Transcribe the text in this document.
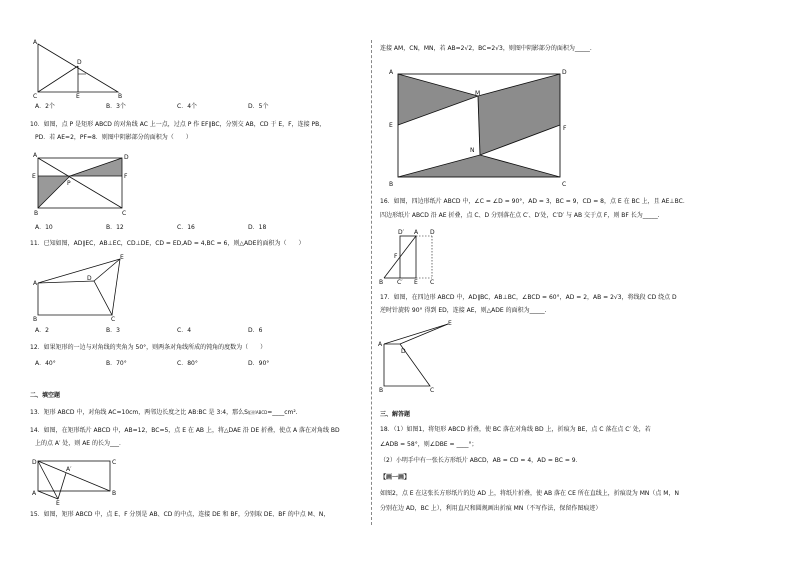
A
D
C	E	B
A．2个	B．3个	C．4个	D．5个
10．如图，点 P 是矩形 ABCD 的对角线 AC 上一点，过点 P 作 EF∥BC，分别交 AB，CD 于 E，F，连接 PB，
PD．若 AE=2，PF=8．则图中阴影部分的面积为（　　）
A	D
E
P
F
B	C
A．10	B．12	C．16	D．18
11．已知如图，AD∥EC，AB⊥EC，CD⊥DE，CD = ED,AD = 4,BC = 6，则△ADE的面积为（　　）
E
D
A
B	C
A．2	B．3	C．4	D．6
12．如果矩形的一边与对角线的夹角为 50°，则两条对角线所成的钝角的度数为（　　）
A．40°	B．70°	C．80°	D．90°
二、填空题
13．矩形 ABCD 中，对角线 AC=10cm，两邻边长度之比 AB:BC 是 3:4，那么S矩形ABCD=____cm².
14．如图，在矩形纸片 ABCD 中，AB=12，BC=5，点 E 在 AB 上，将△DAE 沿 DE 折叠，使点 A 落在对角线 BD
上的点 A′ 处，则 AE 的长为___．
D	C
A′
A
E
B
15．如图，矩形 ABCD 中，点 E、F 分别是 AB、CD 的中点，连接 DE 和 BF，分别取 DE、BF 的中点 M、N，
连接 AM，CN，MN，若 AB=2√2，BC=2√3，则图中阴影部分的面积为_____.
A	D
M
E	F
N
B	C
16．如图，四边形纸片 ABCD 中，∠C = ∠D = 90°，AD = 3，BC = 9，CD = 8，点 E 在 BC 上，且 AE⊥BC．
四边形纸片 ABCD 沿 AE 折叠，点 C、D 分别落在点 C′、D′处，C′D′ 与 AB 交于点 F，则 BF 长为_____.
D′ A D
F
B C′ E C
17．如图，在四边形 ABCD 中，AD∥BC，AB⊥BC，∠BCD = 60°，AD = 2，AB = 2√3，将线段 CD 绕点 D
逆时针旋转 90° 得到 ED，连接 AE，则△ADE 的面积为_____.
E
A
D
B	C
三、解答题
18．（1）如图1，将矩形 ABCD 折叠，使 BC 落在对角线 BD 上，折痕为 BE，点 C 落在点 C′ 处，若
∠ADB = 58°，则∠DBE = ____°；
（2）小明手中有一张长方形纸片 ABCD，AB = CD = 4，AD = BC = 9．
【画一画】
如图2，点 E 在这张长方形纸片的边 AD 上，将纸片折叠，使 AB 落在 CE 所在直线上，折痕设为 MN（点 M，N
分别在边 AD，BC 上），利用直尺和圆规画出折痕 MN（不写作法，保留作图痕迹）
